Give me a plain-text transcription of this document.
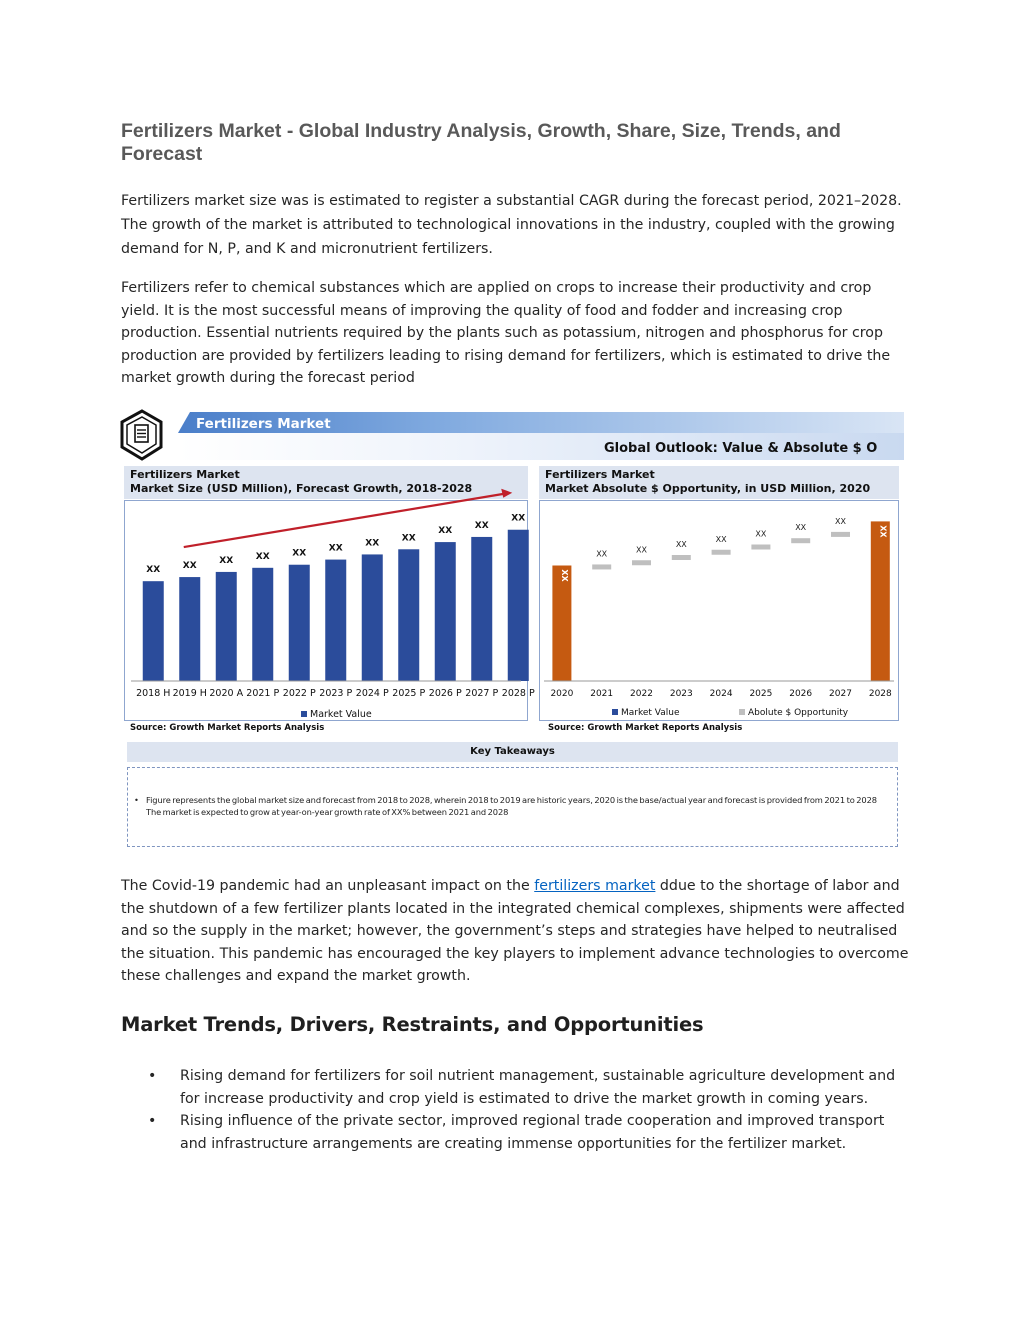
Fertilizers Market - Global Industry Analysis, Growth, Share, Size, Trends, and Forecast

Fertilizers market size was is estimated to register a substantial CAGR during the forecast period, 2021–2028. The growth of the market is attributed to technological innovations in the industry, coupled with the growing demand for N, P, and K and micronutrient fertilizers.

Fertilizers refer to chemical substances which are applied on crops to increase their productivity and crop yield. It is the most successful means of improving the quality of food and fodder and increasing crop production. Essential nutrients required by the plants such as potassium, nitrogen and phosphorus for crop production are provided by fertilizers leading to rising demand for fertilizers, which is estimated to drive the market growth during the forecast period

Fertilizers Market
Global Outlook: Value & Absolute $ O
Fertilizers Market
Market Size (USD Million), Forecast Growth, 2018-2028
XX
2018 H
XX
2019 H
XX
2020 A
XX
2021 P
XX
2022 P
XX
2023 P
XX
2024 P
XX
2025 P
XX
2026 P
XX
2027 P
XX
2028 P
Market Value
Source: Growth Market Reports Analysis
Fertilizers Market
Market Absolute $ Opportunity, in USD Million, 2020
XX
2020
XX
2021
XX
2022
XX
2023
XX
2024
XX
2025
XX
2026
XX
2027
XX
2028
Market Value	Abolute $ Opportunity
Source: Growth Market Reports Analysis
Key Takeaways
• Figure represents the global market size and forecast from 2018 to 2028, wherein 2018 to 2019 are historic years, 2020 is the base/actual year and forecast is provided from 2021 to 2028
The market is expected to grow at year-on-year growth rate of XX% between 2021 and 2028

The Covid-19 pandemic had an unpleasant impact on the fertilizers market ddue to the shortage of labor and the shutdown of a few fertilizer plants located in the integrated chemical complexes, shipments were affected and so the supply in the market; however, the government’s steps and strategies have helped to neutralised the situation. This pandemic has encouraged the key players to implement advance technologies to overcome these challenges and expand the market growth.

Market Trends, Drivers, Restraints, and Opportunities
• Rising demand for fertilizers for soil nutrient management, sustainable agriculture development and for increase productivity and crop yield is estimated to drive the market growth in coming years.
• Rising influence of the private sector, improved regional trade cooperation and improved transport and infrastructure arrangements are creating immense opportunities for the fertilizer market.
